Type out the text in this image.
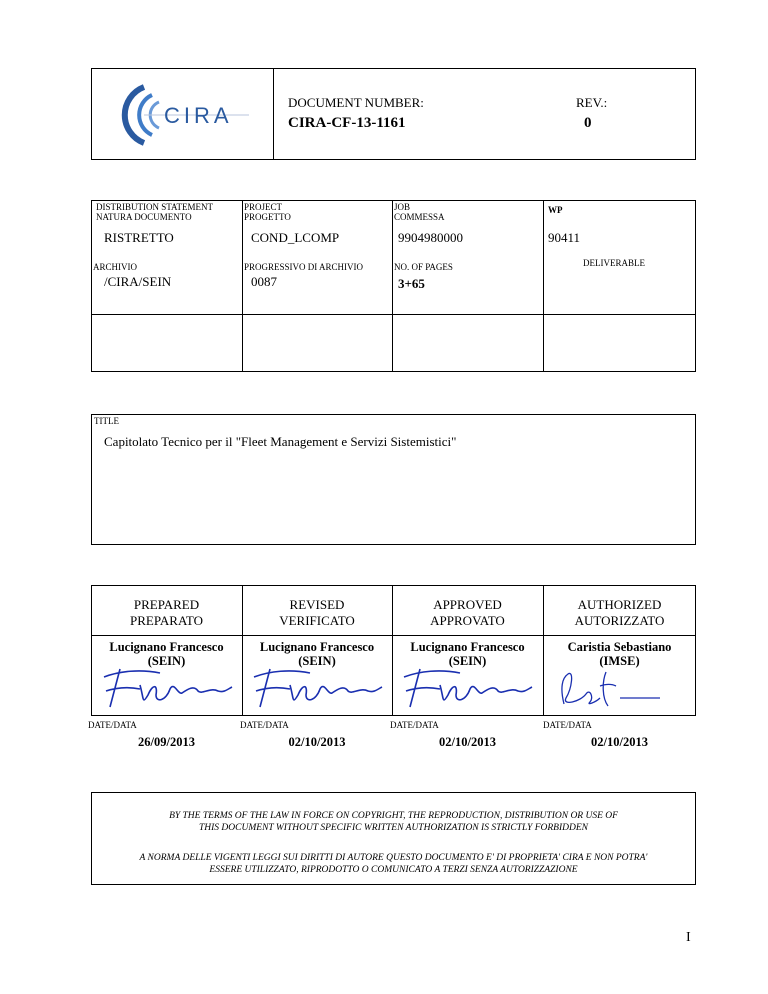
CIRA
DOCUMENT NUMBER:
CIRA-CF-13-1161
REV.:
0
DISTRIBUTION STATEMENT
NATURA DOCUMENTO
RISTRETTO
PROJECT
PROGETTO
COND_LCOMP
JOB
COMMESSA
9904980000
WP
90411
ARCHIVIO
/CIRA/SEIN
PROGRESSIVO DI ARCHIVIO
0087
NO. OF PAGES
3+65
DELIVERABLE
TITLE
Capitolato Tecnico per il "Fleet Management e Servizi Sistemistici"
PREPARED
PREPARATO
Lucignano Francesco
(SEIN)
DATE/DATA
26/09/2013
REVISED
VERIFICATO
Lucignano Francesco
(SEIN)
DATE/DATA
02/10/2013
APPROVED
APPROVATO
Lucignano Francesco
(SEIN)
DATE/DATA
02/10/2013
AUTHORIZED
AUTORIZZATO
Caristia Sebastiano
(IMSE)
DATE/DATA
02/10/2013
BY THE TERMS OF THE LAW IN FORCE ON COPYRIGHT, THE REPRODUCTION, DISTRIBUTION OR USE OF
THIS DOCUMENT WITHOUT SPECIFIC WRITTEN AUTHORIZATION IS STRICTLY FORBIDDEN
A NORMA DELLE VIGENTI LEGGI SUI DIRITTI DI AUTORE QUESTO DOCUMENTO E' DI PROPRIETA' CIRA E NON POTRA'
ESSERE UTILIZZATO, RIPRODOTTO O COMUNICATO A TERZI SENZA AUTORIZZAZIONE
I
